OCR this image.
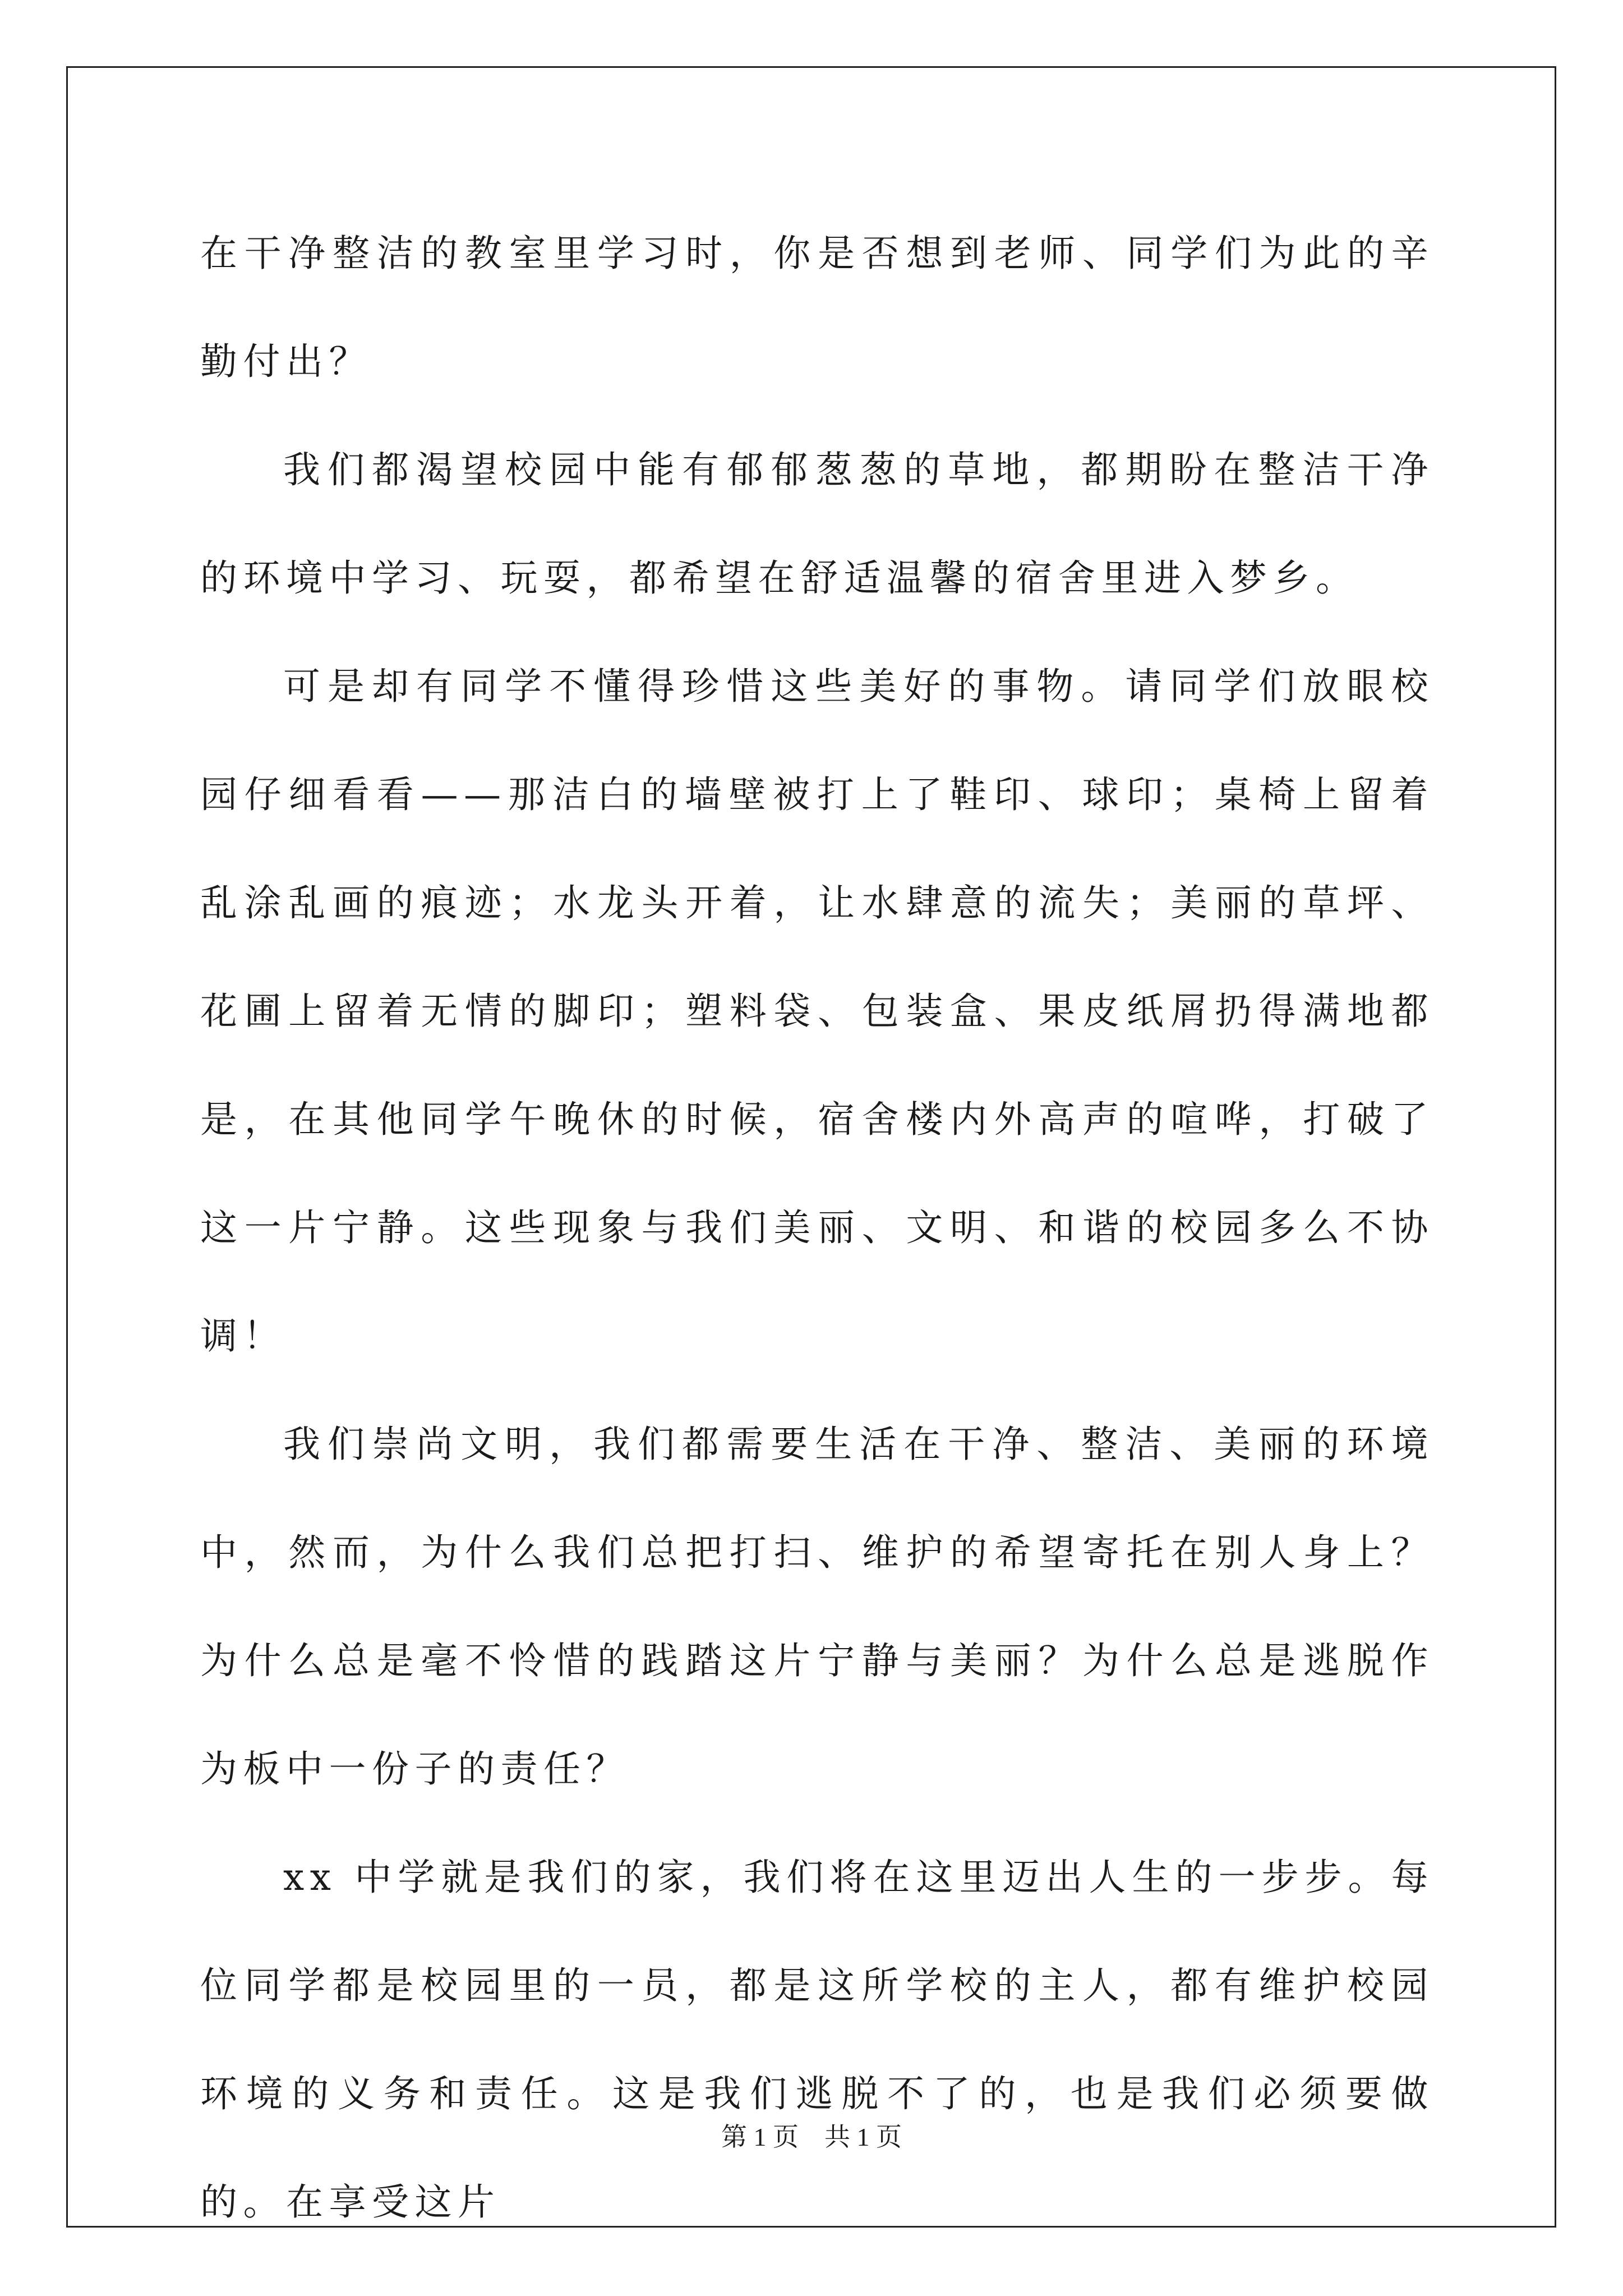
在干净整洁的教室里学习时，你是否想到老师、同学们为此的辛勤付出？

我们都渴望校园中能有郁郁葱葱的草地，都期盼在整洁干净的环境中学习、玩耍，都希望在舒适温馨的宿舍里进入梦乡。

可是却有同学不懂得珍惜这些美好的事物。请同学们放眼校园仔细看看——那洁白的墙壁被打上了鞋印、球印；桌椅上留着乱涂乱画的痕迹；水龙头开着，让水肆意的流失；美丽的草坪、花圃上留着无情的脚印；塑料袋、包装盒、果皮纸屑扔得满地都是，在其他同学午晚休的时候，宿舍楼内外高声的喧哗，打破了这一片宁静。这些现象与我们美丽、文明、和谐的校园多么不协调！

我们崇尚文明，我们都需要生活在干净、整洁、美丽的环境中，然而，为什么我们总把打扫、维护的希望寄托在别人身上？为什么总是毫不怜惜的践踏这片宁静与美丽？为什么总是逃脱作为板中一份子的责任？

xx 中学就是我们的家，我们将在这里迈出人生的一步步。每位同学都是校园里的一员，都是这所学校的主人，都有维护校园环境的义务和责任。这是我们逃脱不了的，也是我们必须要做的。在享受这片

第 1 页 共 1 页
